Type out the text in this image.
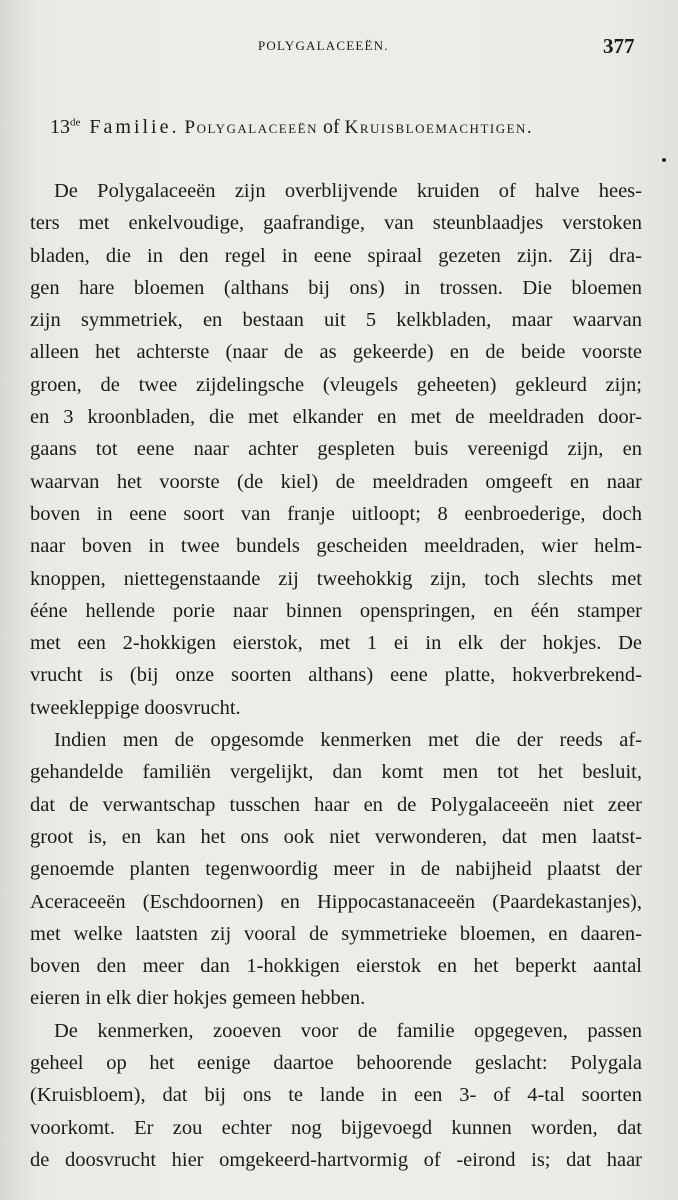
POLYGALACEEËN.	377
13de Familie. Polygalaceeën of Kruisbloemachtigen.
De Polygalaceeën zijn overblijvende kruiden of halve hees-
ters met enkelvoudige, gaafrandige, van steunblaadjes verstoken
bladen, die in den regel in eene spiraal gezeten zijn. Zij dra-
gen hare bloemen (althans bij ons) in trossen. Die bloemen
zijn symmetriek, en bestaan uit 5 kelkbladen, maar waarvan
alleen het achterste (naar de as gekeerde) en de beide voorste
groen, de twee zijdelingsche (vleugels geheeten) gekleurd zijn;
en 3 kroonbladen, die met elkander en met de meeldraden door-
gaans tot eene naar achter gespleten buis vereenigd zijn, en
waarvan het voorste (de kiel) de meeldraden omgeeft en naar
boven in eene soort van franje uitloopt; 8 eenbroederige, doch
naar boven in twee bundels gescheiden meeldraden, wier helm-
knoppen, niettegenstaande zij tweehokkig zijn, toch slechts met
ééne hellende porie naar binnen openspringen, en één stamper
met een 2-hokkigen eierstok, met 1 ei in elk der hokjes. De
vrucht is (bij onze soorten althans) eene platte, hokverbrekend-
tweekleppige doosvrucht.
Indien men de opgesomde kenmerken met die der reeds af-
gehandelde familiën vergelijkt, dan komt men tot het besluit,
dat de verwantschap tusschen haar en de Polygalaceeën niet zeer
groot is, en kan het ons ook niet verwonderen, dat men laatst-
genoemde planten tegenwoordig meer in de nabijheid plaatst der
Aceraceeën (Eschdoornen) en Hippocastanaceeën (Paardekastanjes),
met welke laatsten zij vooral de symmetrieke bloemen, en daaren-
boven den meer dan 1-hokkigen eierstok en het beperkt aantal
eieren in elk dier hokjes gemeen hebben.
De kenmerken, zooeven voor de familie opgegeven, passen
geheel op het eenige daartoe behoorende geslacht: Polygala
(Kruisbloem), dat bij ons te lande in een 3- of 4-tal soorten
voorkomt. Er zou echter nog bijgevoegd kunnen worden, dat
de doosvrucht hier omgekeerd-hartvormig of -eirond is; dat haar
